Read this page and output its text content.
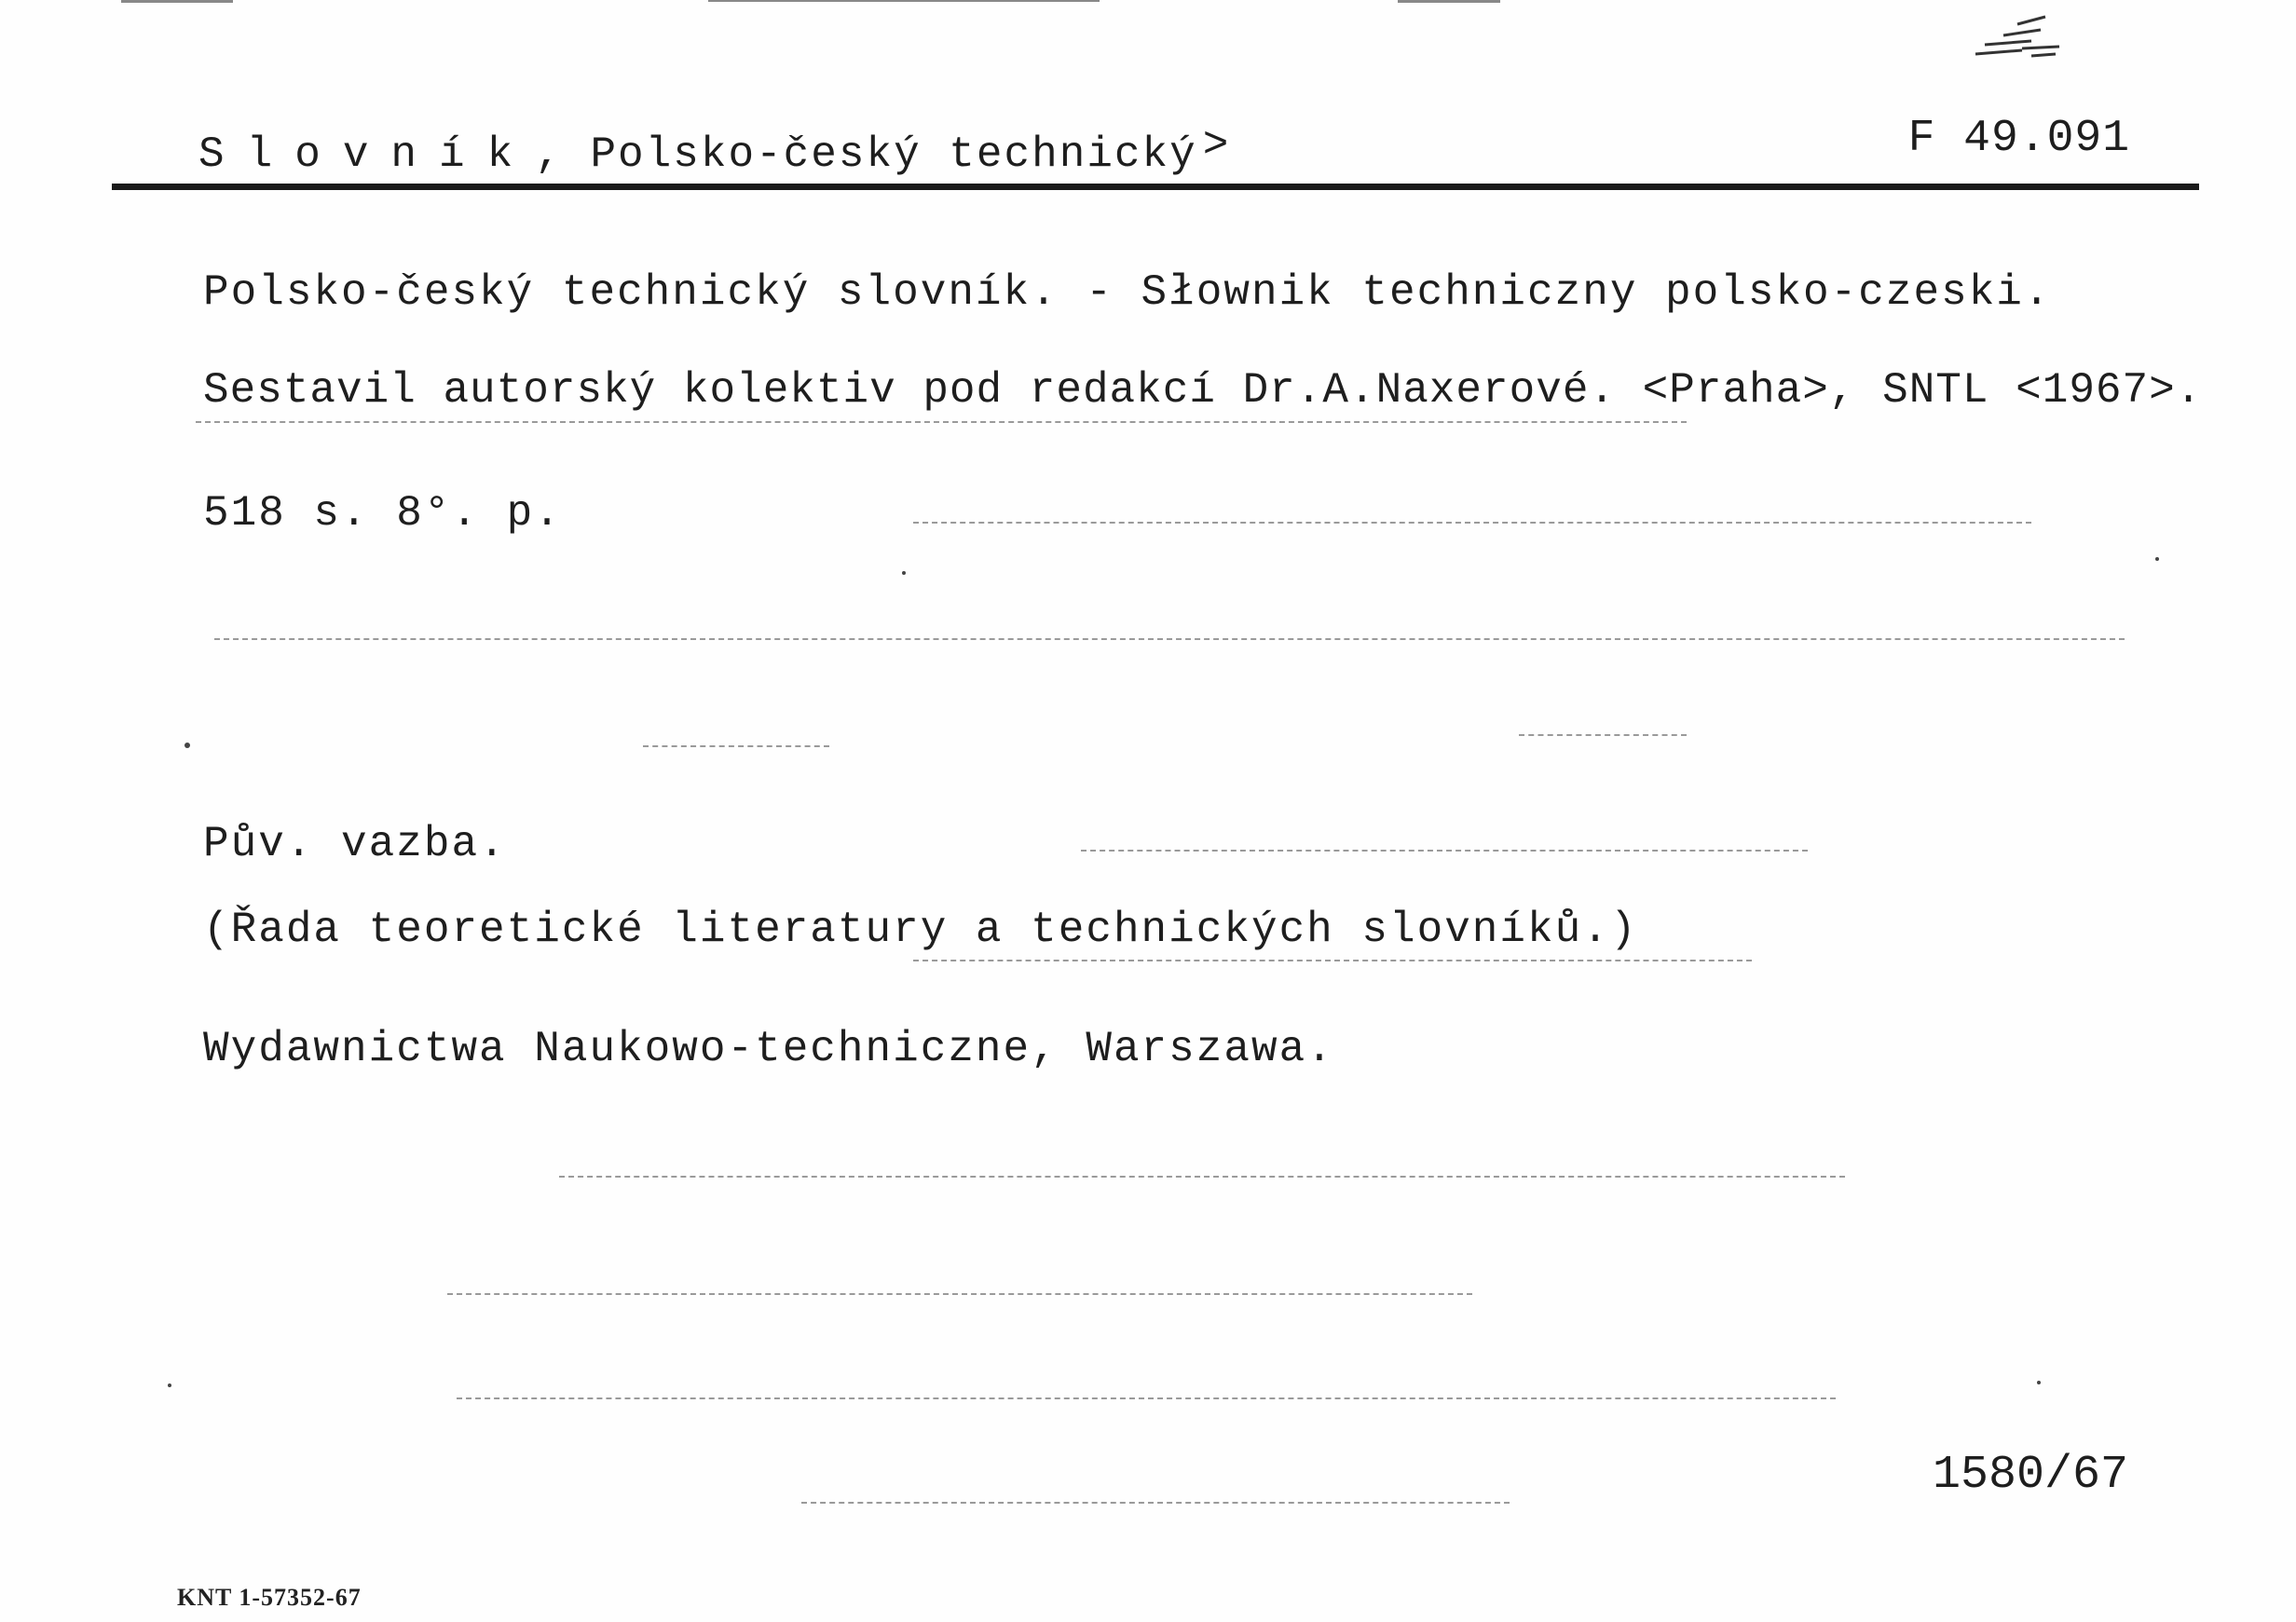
Slovník, Polsko-český technický >	F 49.091
Polsko-český technický slovník. - Słownik techniczny polsko-czeski.
Sestavil autorský kolektiv pod redakcí Dr.A.Naxerové. <Praha>, SNTL <1967>.
518 s. 8°. p.
Pův. vazba.
(Řada teoretické literatury a technických slovníků.)
Wydawnictwa Naukowo-techniczne, Warszawa.
1580/67
KNT 1-57352-67
